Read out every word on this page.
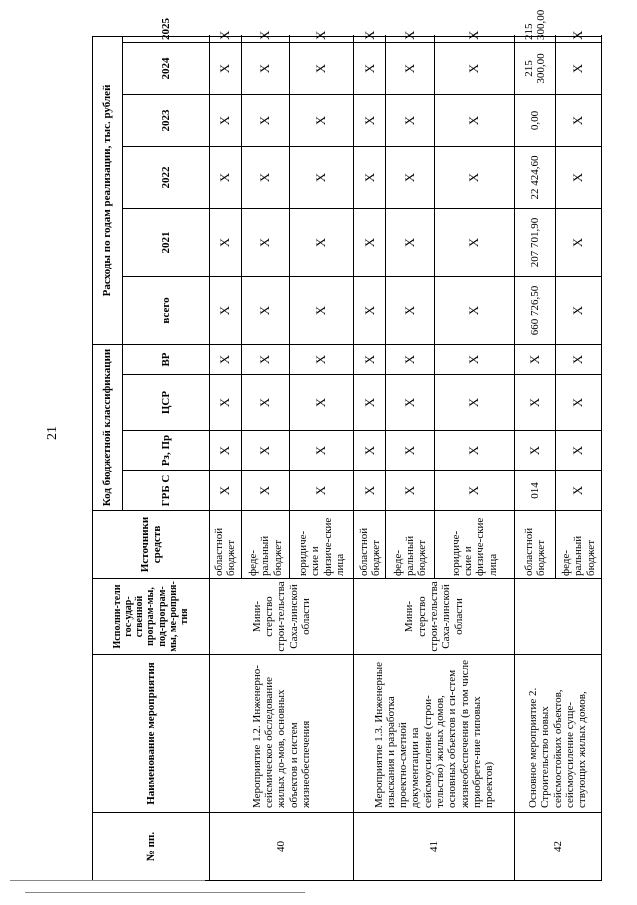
21
№ пп.	Наименование мероприятия	Исполни-тели гос-удар-ственной програм-мы, под-програм-мы, ме-роприя-тия	Источники средств	Код бюджетной классификации				Расходы по годам реализации, тыс. рублей					
				ГРБ С	Рз, Пр	ЦСР	ВР	всего	2021	2022	2023	2024	2025
40	Мероприятие 1.2. Инженерно-сейсмическое обследование жилых до-мов, основных объектов и систем жизнеобеспечения	Мини-стерство строи-тельства Саха-линской области	областной бюджет	X	X	X	X	X	X	X	X	X	X
			феде-ральный бюджет	X	X	X	X	X	X	X	X	X	X
			юридиче-ские и физиче-ские лица	X	X	X	X	X	X	X	X	X	X
41	Мероприятие 1.3. Инженерные изыскания и разработка проектно-сметной документации на сейсмоусиление (строи-тельство) жилых домов, основных объектов и си-стем жизнеобеспечения (в том числе приобрете-ние типовых проектов)	Мини-стерство строи-тельства Саха-линской области	областной бюджет	X	X	X	X	X	X	X	X	X	X
			феде-ральный бюджет	X	X	X	X	X	X	X	X	X	X
			юридиче-ские и физиче-ские лица	X	X	X	X	X	X	X	X	X	X
42	Основное мероприятие 2. Строительство новых сейсмостойких объектов, сейсмоусиление суще-ствующих жилых домов,		областной бюджет	014	X	X	X	660 726,50	207 701,90	22 424,60	0,00	215 300,00	215 300,00
			феде-ральный бюджет	X	X	X	X	X	X	X	X	X	X
